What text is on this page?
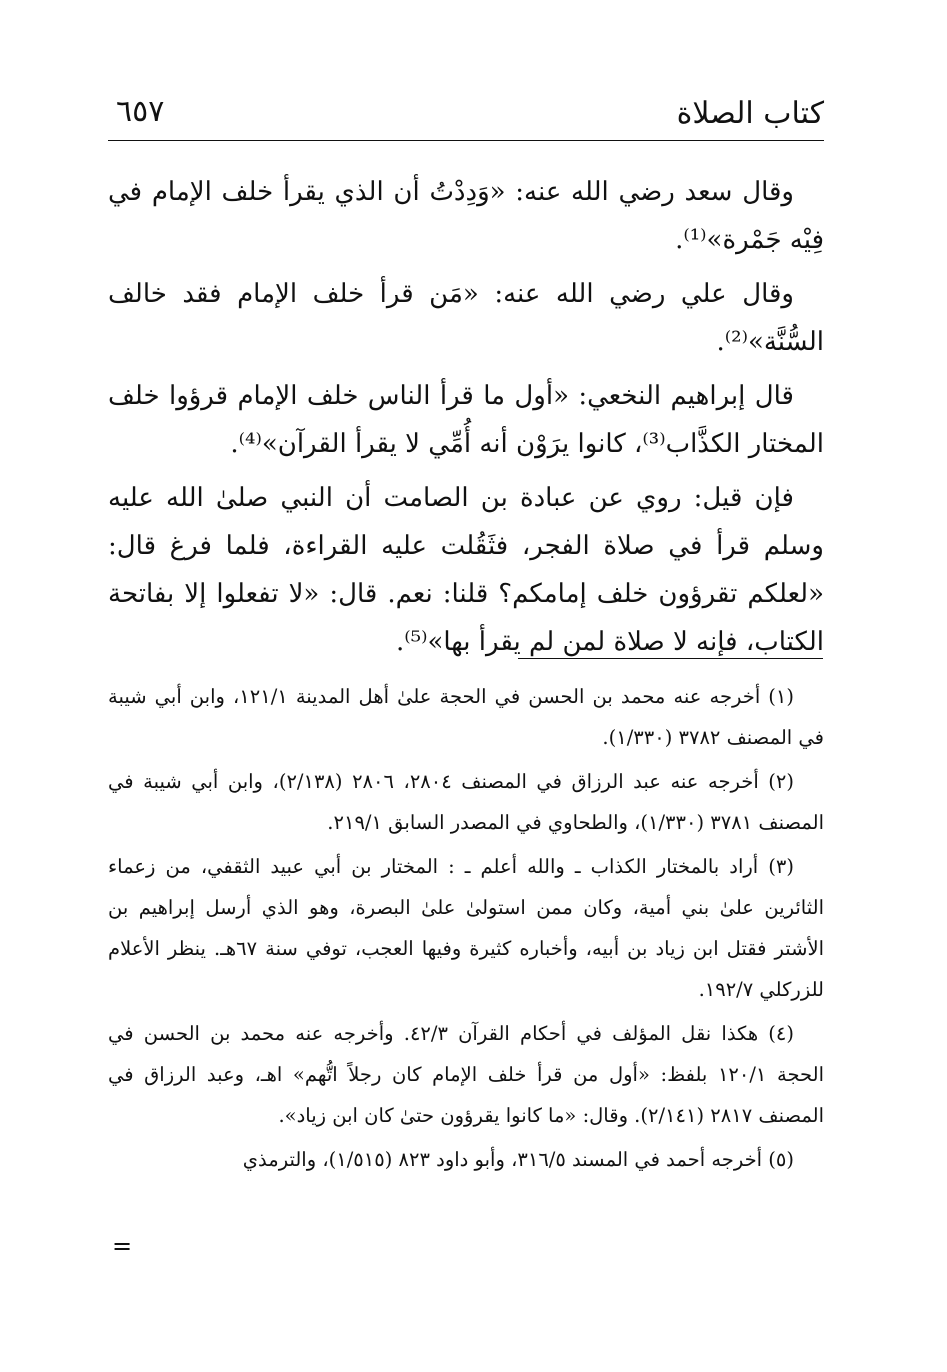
كتاب الصلاة
٦٥٧

وقال سعد رضي الله عنه: «وَدِدْتُ أن الذي يقرأ خلف الإمام في فِيْه جَمْرة»⁽¹⁾.

وقال علي رضي الله عنه: «مَن قرأ خلف الإمام فقد خالف السُّنَّة»⁽²⁾.

قال إبراهيم النخعي: «أول ما قرأ الناس خلف الإمام قرؤوا خلف المختار الكذَّاب⁽³⁾، كانوا يرَوْن أنه أُمِّي لا يقرأ القرآن»⁽⁴⁾.

فإن قيل: روي عن عبادة بن الصامت أن النبي صلىٰ الله عليه وسلم قرأ في صلاة الفجر، فثَقُلت عليه القراءة، فلما فرغ قال: «لعلكم تقرؤون خلف إمامكم؟ قلنا: نعم. قال: «لا تفعلوا إلا بفاتحة الكتاب، فإنه لا صلاة لمن لم يقرأ بها»⁽⁵⁾.

(١) أخرجه عنه محمد بن الحسن في الحجة علىٰ أهل المدينة ١٢١/١، وابن أبي شيبة في المصنف ٣٧٨٢ (١/٣٣٠).

(٢) أخرجه عنه عبد الرزاق في المصنف ٢٨٠٤، ٢٨٠٦ (٢/١٣٨)، وابن أبي شيبة في المصنف ٣٧٨١ (١/٣٣٠)، والطحاوي في المصدر السابق ٢١٩/١.

(٣) أراد بالمختار الكذاب ـ والله أعلم ـ : المختار بن أبي عبيد الثقفي، من زعماء الثائرين علىٰ بني أمية، وكان ممن استولىٰ علىٰ البصرة، وهو الذي أرسل إبراهيم بن الأشتر فقتل ابن زياد بن أبيه، وأخباره كثيرة وفيها العجب، توفي سنة ٦٧هـ. ينظر الأعلام للزركلي ١٩٢/٧.

(٤) هكذا نقل المؤلف في أحكام القرآن ٤٢/٣. وأخرجه عنه محمد بن الحسن في الحجة ١٢٠/١ بلفظ: «أول من قرأ خلف الإمام كان رجلاً اتُّهم» اهـ، وعبد الرزاق في المصنف ٢٨١٧ (٢/١٤١). وقال: «ما كانوا يقرؤون حتىٰ كان ابن زياد».

(٥) أخرجه أحمد في المسند ٣١٦/٥، وأبو داود ٨٢٣ (١/٥١٥)، والترمذي

=
